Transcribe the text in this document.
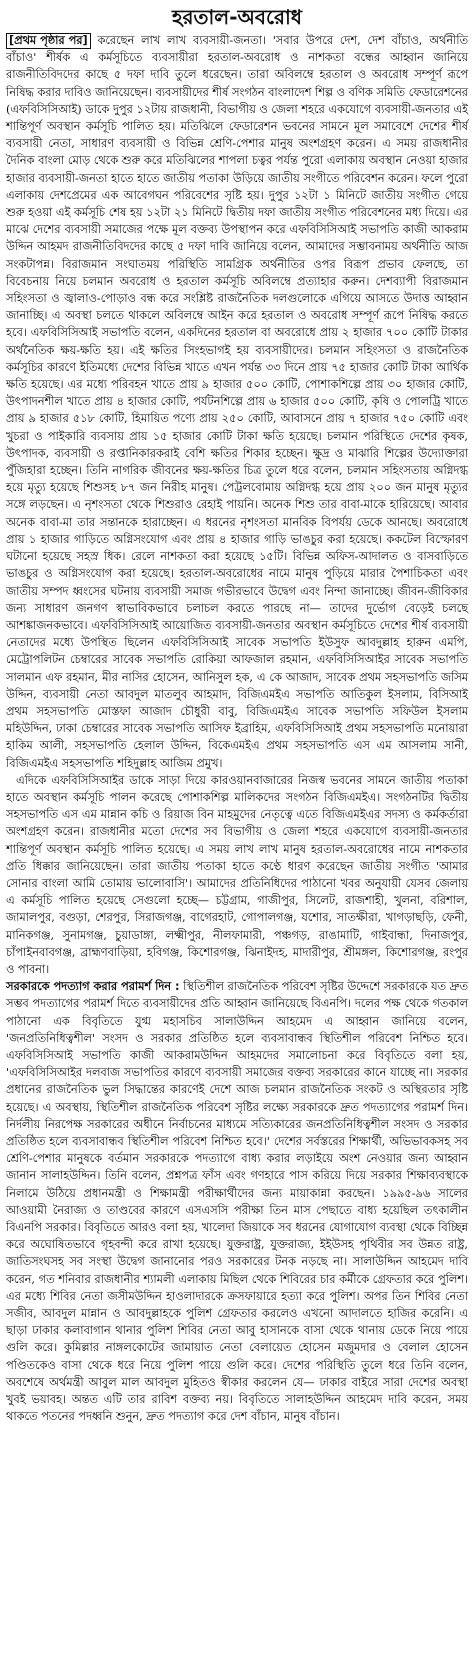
হরতাল-অবরোধ

[প্রথম পৃষ্ঠার পর] করেছেন লাখ লাখ ব্যবসায়ী-জনতা। 'সবার উপরে দেশ, দেশ বাঁচাও, অর্থনীতি বাঁচাও' শীর্ষক এ কর্মসূচিতে ব্যবসায়ীরা হরতাল-অবরোধ ও নাশকতা বন্ধের আহ্বান জানিয়ে রাজনীতিবিদদের কাছে ৫ দফা দাবি তুলে ধরেছেন। তারা অবিলম্বে হরতাল ও অবরোধ সম্পূর্ণ রূপে নিষিদ্ধ করার দাবিও জানিয়েছেন। ব্যবসায়ীদের শীর্ষ সংগঠন বাংলাদেশ শিল্প ও বণিক সমিতি ফেডারেশনের (এফবিসিসিআই) ডাকে দুপুর ১২টায় রাজধানী, বিভাগীয় ও জেলা শহরে একযোগে ব্যবসায়ী-জনতার এই শান্তিপূর্ণ অবস্থান কর্মসূচি পালিত হয়। মতিঝিলে ফেডারেশন ভবনের সামনে মূল সমাবেশে দেশের শীর্ষ ব্যবসায়ী নেতা, সাধারণ ব্যবসায়ী ও বিভিন্ন শ্রেণি-পেশার মানুষ অংশগ্রহণ করেন। এ সময় রাজধানীর দৈনিক বাংলা মোড় থেকে শুরু করে মতিঝিলের শাপলা চত্বর পর্যন্ত পুরো এলাকায় অবস্থান নেওয়া হাজার হাজার ব্যবসায়ী-জনতা হাতে হাতে জাতীয় পতাকা উড়িয়ে জাতীয় সংগীতে পরিবেশন করেন। ফলে পুরো এলাকায় দেশপ্রেমের এক আবেগঘন পরিবেশের সৃষ্টি হয়। দুপুর ১২টা ১ মিনিটে জাতীয় সংগীত গেয়ে শুরু হওয়া এই কর্মসূচি শেষ হয় ১২টা ২১ মিনিটে দ্বিতীয় দফা জাতীয় সংগীত পরিবেশনের মধ্য দিয়ে। এর মাঝে দেশের ব্যবসায়ী সমাজের পক্ষে মূল বক্তব্য উপস্থাপন করে এফবিসিসিআই সভাপতি কাজী আকরাম উদ্দিন আহমদ রাজনীতিবিদদের কাছে ৫ দফা দাবি জানিয়ে বলেন, আমাদের সম্ভাবনাময় অর্থনীতি আজ সংকটাপন্ন। বিরাজমান সংঘাতময় পরিস্থিতি সামগ্রিক অর্থনীতির ওপর বিরূপ প্রভাব ফেলছে, তা বিবেচনায় নিয়ে চলমান অবরোধ ও হরতাল কর্মসূচি অবিলম্বে প্রত্যাহার করুন। দেশব্যাপী বিরাজমান সহিংসতা ও জ্বালাও-পোড়াও বন্ধ করে সংশ্লিষ্ট রাজনৈতিক দলগুলোকে এগিয়ে আসতে উদাত্ত আহ্বান জানাচ্ছি। এ অবস্থা চলতে থাকলে অবিলম্বে আইন করে হরতাল ও অবরোধ সম্পূর্ণ রূপে নিষিদ্ধ করতে হবে। এফবিসিসিআই সভাপতি বলেন, একদিনের হরতাল বা অবরোধে প্রায় ২ হাজার ৭০০ কোটি টাকার অর্থনৈতিক ক্ষয়-ক্ষতি হয়। এই ক্ষতির সিংহভাগই হয় ব্যবসায়ীদের। চলমান সহিংসতা ও রাজনৈতিক কর্মসূচির কারণে ইতিমধ্যে দেশের বিভিন্ন খাতে এখন পর্যন্ত ৩৩ দিনে প্রায় ৭৫ হাজার কোটি টাকা আর্থিক ক্ষতি হয়েছে। এর মধ্যে পরিবহন খাতে প্রায় ৯ হাজার ৫০০ কোটি, পোশাকশিল্পে প্রায় ৩০ হাজার কোটি, উৎপাদনশীল খাতে প্রায় ৪ হাজার কোটি, পর্যটনশিল্পে প্রায় ৬ হাজার ৫০০ কোটি, কৃষি ও পোলট্রি খাতে প্রায় ৯ হাজার ৫১৮ কোটি, হিমায়িত পণ্যে প্রায় ২৫০ কোটি, আবাসনে প্রায় ৭ হাজার ৭৫০ কোটি এবং খুচরা ও পাইকারি ব্যবসায় প্রায় ১৫ হাজার কোটি টাকা ক্ষতি হয়েছে। চলমান পরিস্থিতে দেশের কৃষক, উৎপাদক, ব্যবসায়ী ও রপ্তানিকারকরাই বেশি ক্ষতির শিকার হচ্ছেন। ক্ষুদ্র ও মাঝারি শিল্পের উদ্যোক্তারা পুঁজিহারা হচ্ছেন। তিনি নাগরিক জীবনের ক্ষয়-ক্ষতির চিত্র তুলে ধরে বলেন, চলমান সহিংসতায় অগ্নিদগ্ধ হয়ে মৃত্যু হয়েছে শিশুসহ ৮৭ জন নিরীহ মানুষ। পেট্রলবোমায় অগ্নিদগ্ধ হয়ে প্রায় ২০০ জন মানুষ মৃত্যুর সঙ্গে লড়ছেন। এ নৃশংসতা থেকে শিশুরাও রেহাই পায়নি। অনেক শিশু তার বাবা-মাকে হারিয়েছে। আবার অনেক বাবা-মা তার সন্তানকে হারাচ্ছেন। এ ধরনের নৃশংসতা মানবিক বিপর্যয় ডেকে আনছে। অবরোধে প্রায় ১ হাজার গাড়িতে অগ্নিসংযোগ এবং প্রায় ৪ হাজার গাড়ি ভাঙচুর করা হয়েছে। ককটেল বিস্ফোরণ ঘটানো হয়েছে সহস্র ধিক। রেলে নাশকতা করা হয়েছে ১৫টি। বিভিন্ন অফিস-আদালত ও বাসবাড়িতে ভাঙচুর ও অগ্নিসংযোগ করা হয়েছে। হরতাল-অবরোধের নামে মানুষ পুড়িয়ে মারার পৈশাচিকতা এবং জাতীয় সম্পদ ধ্বংসের ঘটনায় ব্যবসায়ী সমাজ গভীরভাবে উদ্বেগ এবং নিন্দা জানাচ্ছে। জীবন-জীবিকার জন্য সাধারণ জনগণ স্বাভাবিকভাবে চলাচল করতে পারছে না— তাদের দুর্ভোগ বেড়েই চলছে আশঙ্কাজনকভাবে। এফবিসিসিআই আয়োজিত ব্যবসায়ী-জনতার অবস্থান কর্মসূচিতে দেশের শীর্ষ ব্যবসায়ী নেতাদের মধ্যে উপস্থিত ছিলেন এফবিসিসিআই সাবেক সভাপতি ইউসুফ আবদুল্লাহ হারুন এমপি, মেট্রোপলিটন চেম্বারের সাবেক সভাপতি রোকিয়া আফজাল রহমান, এফবিসিসিআইর সাবেক সভাপতি সালমান এফ রহমান, মীর নাসির হোসেন, আনিসুল হক, এ কে আজাদ, সাবেক প্রথম সহসভাপতি জসিম উদ্দিন, ব্যবসায়ী নেতা আবদুল মাতলুব আহমাদ, বিজিএমইএ সভাপতি আতিকুল ইসলাম, বিসিআই প্রথম সহসভাপতি মোস্তফা আজাদ চৌধুরী বাবু, বিজিএমইএ সাবেক সভাপতি সফিউল ইসলাম মহিউদ্দিন, ঢাকা চেম্বারের সাবেক সভাপতি আসিফ ইব্রাহিম, এফবিসিসিআই প্রথম সহসভাপতি মনোয়ারা হাকিম আলী, সহসভাপতি হেলাল উদ্দিন, বিকেএমইএ প্রথম সহসভাপতি এস এম আসলাম সানী, বিজিএমইএ সহসভাপতি শহিদুল্লাহ আজিম প্রমুখ।

এদিকে এফবিসিসিআইর ডাকে সাড়া দিয়ে কারওয়ানবাজারের নিজস্ব ভবনের সামনে জাতীয় পতাকা হাতে অবস্থান কর্মসূচি পালন করেছে পোশাকশিল্প মালিকদের সংগঠন বিজিএমইএ। সংগঠনটির দ্বিতীয় সহসভাপতি এস এম মান্নান কচি ও রিয়াজ বিন মাহমুদের নেতৃত্বে এতে বিজিএমইএর সদস্য ও কর্মকর্তারা অংশগ্রহণ করেন। রাজধানীর মতো দেশের সব বিভাগীয় ও জেলা শহরে একযোগে ব্যবসায়ী-জনতার শান্তিপূর্ণ অবস্থান কর্মসূচি পালিত হয়েছে। এ সময় লাখ লাখ মানুষ হরতাল-অবরোধের নামে নাশকতার প্রতি ধিক্কার জানিয়েছেন। তারা জাতীয় পতাকা হাতে কণ্ঠে ধারণ করেছেন জাতীয় সংগীত 'আমার সোনার বাংলা আমি তোমায় ভালোবাসি'। আমাদের প্রতিনিধিদের পাঠানো খবর অনুযায়ী যেসব জেলায় এ কর্মসূচি পালিত হয়েছে সেগুলো হচ্ছে— চট্টগ্রাম, গাজীপুর, সিলেট, রাজশাহী, খুলনা, বরিশাল, জামালপুর, বগুড়া, শেরপুর, সিরাজগঞ্জ, বাগেরহাট, গোপালগঞ্জ, যশোর, সাতক্ষীরা, খাগড়াছড়ি, ফেনী, মানিকগঞ্জ, সুনামগঞ্জ, চুয়াডাঙ্গা, লক্ষ্মীপুর, নীলফামারী, পঞ্চগড়, রাঙামাটি, গাইবান্ধা, দিনাজপুর, চাঁপাইনবাবগঞ্জ, ব্রাহ্মণবাড়িয়া, হবিগঞ্জ, কিশোরগঞ্জ, ঝিনাইদহ, মাদারীপুর, শ্রীমঙ্গল, কিশোরগঞ্জ, রংপুর ও পাবনা।

সরকারকে পদত্যাগ করার পরামর্শ দিন : স্থিতিশীল রাজনৈতিক পরিবেশ সৃষ্টির উদ্দেশে সরকারকে যত দ্রুত সম্ভব পদত্যাগের পরামর্শ দিতে ব্যবসায়ীদের প্রতি আহ্বান জানিয়েছে বিএনপি। দলের পক্ষ থেকে গতকাল পাঠানো এক বিবৃতিতে যুগ্ম মহাসচিব সালাউদ্দিন আহমেদ এ আহ্বান জানিয়ে বলেন, 'জনপ্রতিনিধিত্বশীল' সংসদ ও সরকার প্রতিষ্ঠিত হলে ব্যবসাবান্ধব স্থিতিশীল পরিবেশ নিশ্চিত হবে। এফবিসিসিআই সভাপতি কাজী আকরামউদ্দিন আহমদের সমালোচনা করে বিবৃতিতে বলা হয়, 'এফবিসিসিআইর দলবাজ সভাপতির কারণে ব্যবসায়ী সমাজের বক্তব্য সরকারের কানে যাচ্ছে না। সরকার প্রধানের রাজনৈতিক ভুল সিদ্ধান্তের কারণেই দেশে আজ চলমান রাজনৈতিক সংকট ও অস্থিরতার সৃষ্টি হয়েছে। এ অবস্থায়, স্থিতিশীল রাজনৈতিক পরিবেশ সৃষ্টির লক্ষ্যে সরকারকে দ্রুত পদত্যাগের পরামর্শ দিন। নির্দলীয় নিরপেক্ষ সরকারের অধীনে নির্বাচনের মাধ্যমে সত্যিকারের জনপ্রতিনিধিত্বশীল সংসদ ও সরকার প্রতিষ্ঠিত হলে ব্যবসাবান্ধব স্থিতিশীল পরিবেশ নিশ্চিত হবে।' দেশের সর্বস্তরের শিক্ষার্থী, অভিভাবকসহ সব শ্রেণি-পেশার মানুষকে বর্তমান সরকারকে পদত্যাগে বাধ্য করার লড়াইয়ে অংশ নেওয়ার জন্য আহ্বান জানান সালাহউদ্দিন। তিনি বলেন, প্রশ্নপত্র ফাঁস এবং গণহারে পাস করিয়ে দিয়ে সরকার শিক্ষাব্যবস্থাকে নিলামে উঠিয়ে প্রধানমন্ত্রী ও শিক্ষামন্ত্রী পরীক্ষার্থীদের জন্য মায়াকান্না করছেন। ১৯৯৫-৯৬ সালের আওয়ামী নৈরাজ্য ও তাণ্ডবের কারণে এসএসসি পরীক্ষা তিন মাস পেছাতে বাধ্য হয়েছিল তৎকালীন বিএনপি সরকার। বিবৃতিতে আরও বলা হয়, খালেদা জিয়াকে সব ধরনের যোগাযোগ ব্যবস্থা থেকে বিচ্ছিন্ন করে অঘোষিতভাবে গৃহবন্দী করে রাখা হয়েছে। যুক্তরাষ্ট্র, যুক্তরাজ্য, ইইউসহ পৃথিবীর সব উন্নত রাষ্ট্র, জাতিসংঘসহ সব সংস্থা উদ্বেগ জানানোর পরও সরকারের টনক নড়ছে না। সালাউদ্দিন আহমেদ দাবি করেন, গত শনিবার রাজধানীর শ্যামলী এলাকায় মিছিল থেকে শিবিরের চার কর্মীকে গ্রেফতার করে পুলিশ। এর মধ্যে শিবির নেতা জসীমউদ্দিন হাওলাদারকে ক্রসফায়ারে হত্যা করে পুলিশ। অপর তিন শিবির নেতা সজীব, আবদুল মান্নান ও আবদুল্লাহকে পুলিশ গ্রেফতার করলেও এখনো আদালতে হাজির করেনি। এ ছাড়া ঢাকার কলাবাগান থানার পুলিশ শিবির নেতা আবু হাসানকে বাসা থেকে থানায় ডেকে নিয়ে পায়ে গুলি করে। কুমিল্লার নাঙ্গলকোটের জামায়াত নেতা বেলায়েত হোসেন মজুমদার ও বেলাল হোসেন পণ্ডিতকেও বাসা থেকে ধরে নিয়ে পুলিশ পায়ে গুলি করে। দেশের পরিস্থিতি তুলে ধরে তিনি বলেন, অবশেষে অর্থমন্ত্রী আবুল মাল আবদুল মুহিতও স্বীকার করলেন যে— ঢাকার বাইরে সারা দেশের অবস্থা খুবই ভয়াবহ। অন্তত এটি তার রাবিশ বক্তব্য নয়। বিবৃতিতে সালাহউদ্দিন আহমেদ দাবি করেন, সময় থাকতে পতনের পদধ্বনি শুনুন, দ্রুত পদত্যাগ করে দেশ বাঁচান, মানুষ বাঁচান।
